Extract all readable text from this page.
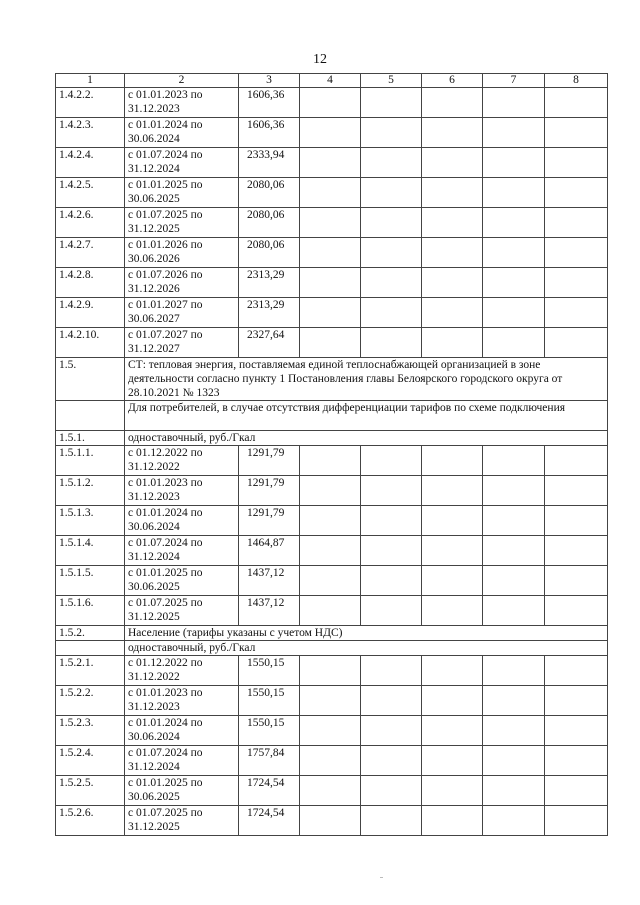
12
1	2	3	4	5	6	7	8
1.4.2.2.	с 01.01.2023 по 31.12.2023	1606,36					
1.4.2.3.	с 01.01.2024 по 30.06.2024	1606,36					
1.4.2.4.	с 01.07.2024 по 31.12.2024	2333,94					
1.4.2.5.	с 01.01.2025 по 30.06.2025	2080,06					
1.4.2.6.	с 01.07.2025 по 31.12.2025	2080,06					
1.4.2.7.	с 01.01.2026 по 30.06.2026	2080,06					
1.4.2.8.	с 01.07.2026 по 31.12.2026	2313,29					
1.4.2.9.	с 01.01.2027 по 30.06.2027	2313,29					
1.4.2.10.	с 01.07.2027 по 31.12.2027	2327,64					
1.5.	СТ: тепловая энергия, поставляемая единой теплоснабжающей организацией в зоне деятельности согласно пункту 1 Постановления главы Белоярского городского округа от 28.10.2021 № 1323						
	Для потребителей, в случае отсутствия дифференциации тарифов по схеме подключения						
1.5.1.	одноставочный, руб./Гкал						
1.5.1.1.	с 01.12.2022 по 31.12.2022	1291,79					
1.5.1.2.	с 01.01.2023 по 31.12.2023	1291,79					
1.5.1.3.	с 01.01.2024 по 30.06.2024	1291,79					
1.5.1.4.	с 01.07.2024 по 31.12.2024	1464,87					
1.5.1.5.	с 01.01.2025 по 30.06.2025	1437,12					
1.5.1.6.	с 01.07.2025 по 31.12.2025	1437,12					
1.5.2.	Население (тарифы указаны с учетом НДС)						
	одноставочный, руб./Гкал						
1.5.2.1.	с 01.12.2022 по 31.12.2022	1550,15					
1.5.2.2.	с 01.01.2023 по 31.12.2023	1550,15					
1.5.2.3.	с 01.01.2024 по 30.06.2024	1550,15					
1.5.2.4.	с 01.07.2024 по 31.12.2024	1757,84					
1.5.2.5.	с 01.01.2025 по 30.06.2025	1724,54					
1.5.2.6.	с 01.07.2025 по 31.12.2025	1724,54					
